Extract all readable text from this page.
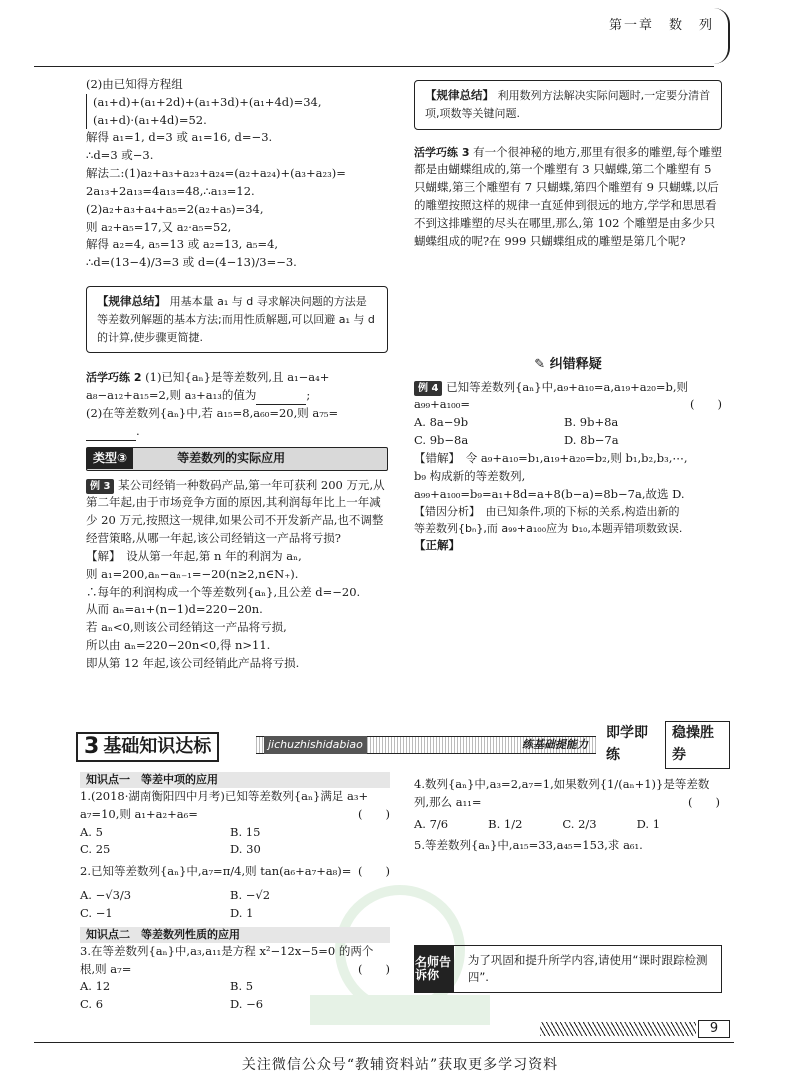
第一章　数　列
(2)由已知得方程组
(a₁+d)+(a₁+2d)+(a₁+3d)+(a₁+4d)=34,
(a₁+d)·(a₁+4d)=52.
解得 a₁=1, d=3 或 a₁=16, d=−3.
∴d=3 或−3.
解法二:(1)a₂+a₃+a₂₃+a₂₄=(a₂+a₂₄)+(a₃+a₂₃)=
2a₁₃+2a₁₃=4a₁₃=48,∴a₁₃=12.
(2)a₂+a₃+a₄+a₅=2(a₂+a₅)=34,
则 a₂+a₅=17,又 a₂·a₅=52,
解得 a₂=4, a₅=13 或 a₂=13, a₅=4,
∴d=(13−4)/3=3 或 d=(4−13)/3=−3.
【规律总结】 用基本量 a₁ 与 d 寻求解决问题的方法是等差数列解题的基本方法;而用性质解题,可以回避 a₁ 与 d 的计算,使步骤更简捷.
活学巧练 2 (1)已知{aₙ}是等差数列,且 a₁−a₄+
a₈−a₁₂+a₁₅=2,则 a₃+a₁₃的值为	;
(2)在等差数列{aₙ}中,若 a₁₅=8,a₆₀=20,则 a₇₅=.
类型③	等差数列的实际应用
例 3 某公司经销一种数码产品,第一年可获利 200 万元,从第二年起,由于市场竞争方面的原因,其利润每年比上一年减少 20 万元,按照这一规律,如果公司不开发新产品,也不调整经营策略,从哪一年起,该公司经销这一产品将亏损?
【解】　设从第一年起,第 n 年的利润为 aₙ,
则 a₁=200,aₙ−aₙ₋₁=−20(n≥2,n∈N₊).
∴每年的利润构成一个等差数列{aₙ},且公差 d=−20.
从而 aₙ=a₁+(n−1)d=220−20n.
若 aₙ<0,则该公司经销这一产品将亏损,
所以由 aₙ=220−20n<0,得 n>11.
即从第 12 年起,该公司经销此产品将亏损.
【规律总结】 利用数列方法解决实际问题时,一定要分清首项,项数等关键问题.
活学巧练 3 有一个很神秘的地方,那里有很多的雕塑,每个雕塑都是由蝴蝶组成的,第一个雕塑有 3 只蝴蝶,第二个雕塑有 5 只蝴蝶,第三个雕塑有 7 只蝴蝶,第四个雕塑有 9 只蝴蝶,以后的雕塑按照这样的规律一直延伸到很远的地方,学学和思思看不到这排雕塑的尽头在哪里,那么,第 102 个雕塑是由多少只蝴蝶组成的呢?在 999 只蝴蝶组成的雕塑是第几个呢?
✎ 纠错释疑
例 4 已知等差数列{aₙ}中,a₉+a₁₀=a,a₁₉+a₂₀=b,则
a₉₉+a₁₀₀=	(　　)
A. 8a−9b	B. 9b+8a
C. 9b−8a	D. 8b−7a
【错解】　令 a₉+a₁₀=b₁,a₁₉+a₂₀=b₂,则 b₁,b₂,b₃,⋯,
b₉ 构成新的等差数列,
a₉₉+a₁₀₀=b₉=a₁+8d=a+8(b−a)=8b−7a,故选 D.
【错因分析】　由已知条件,项的下标的关系,构造出新的
等差数列{bₙ},而 a₉₉+a₁₀₀应为 b₁₀,本题弄错项数致误.
【正解】
3 基础知识达标	jichuzhishidabiao	练基础提能力
即学即练
稳操胜券
知识点一　等差中项的应用
1.(2018·湖南衡阳四中月考)已知等差数列{aₙ}满足 a₃+
a₇=10,则 a₁+a₂+a₆=	(　　)
A. 5	B. 15
C. 25	D. 30
2.已知等差数列{aₙ}中,a₇=π/4,则 tan(a₆+a₇+a₈)= (　　)
A. −√3/3	B. −√2
C. −1	D. 1
知识点二　等差数列性质的应用
3.在等差数列{aₙ}中,a₃,a₁₁是方程 x²−12x−5=0 的两个
根,则 a₇=	(　　)
A. 12	B. 5
C. 6	D. −6
4.数列{aₙ}中,a₃=2,a₇=1,如果数列{1/(aₙ+1)}是等差数
列,那么 a₁₁=	(　　)
A. 7/6	B. 1/2	C. 2/3	D. 1
5.等差数列{aₙ}中,a₁₅=33,a₄₅=153,求 a₆₁.
名师告诉你
为了巩固和提升所学内容,请使用“课时跟踪检测四”.
9
关注微信公众号“教辅资料站”获取更多学习资料
